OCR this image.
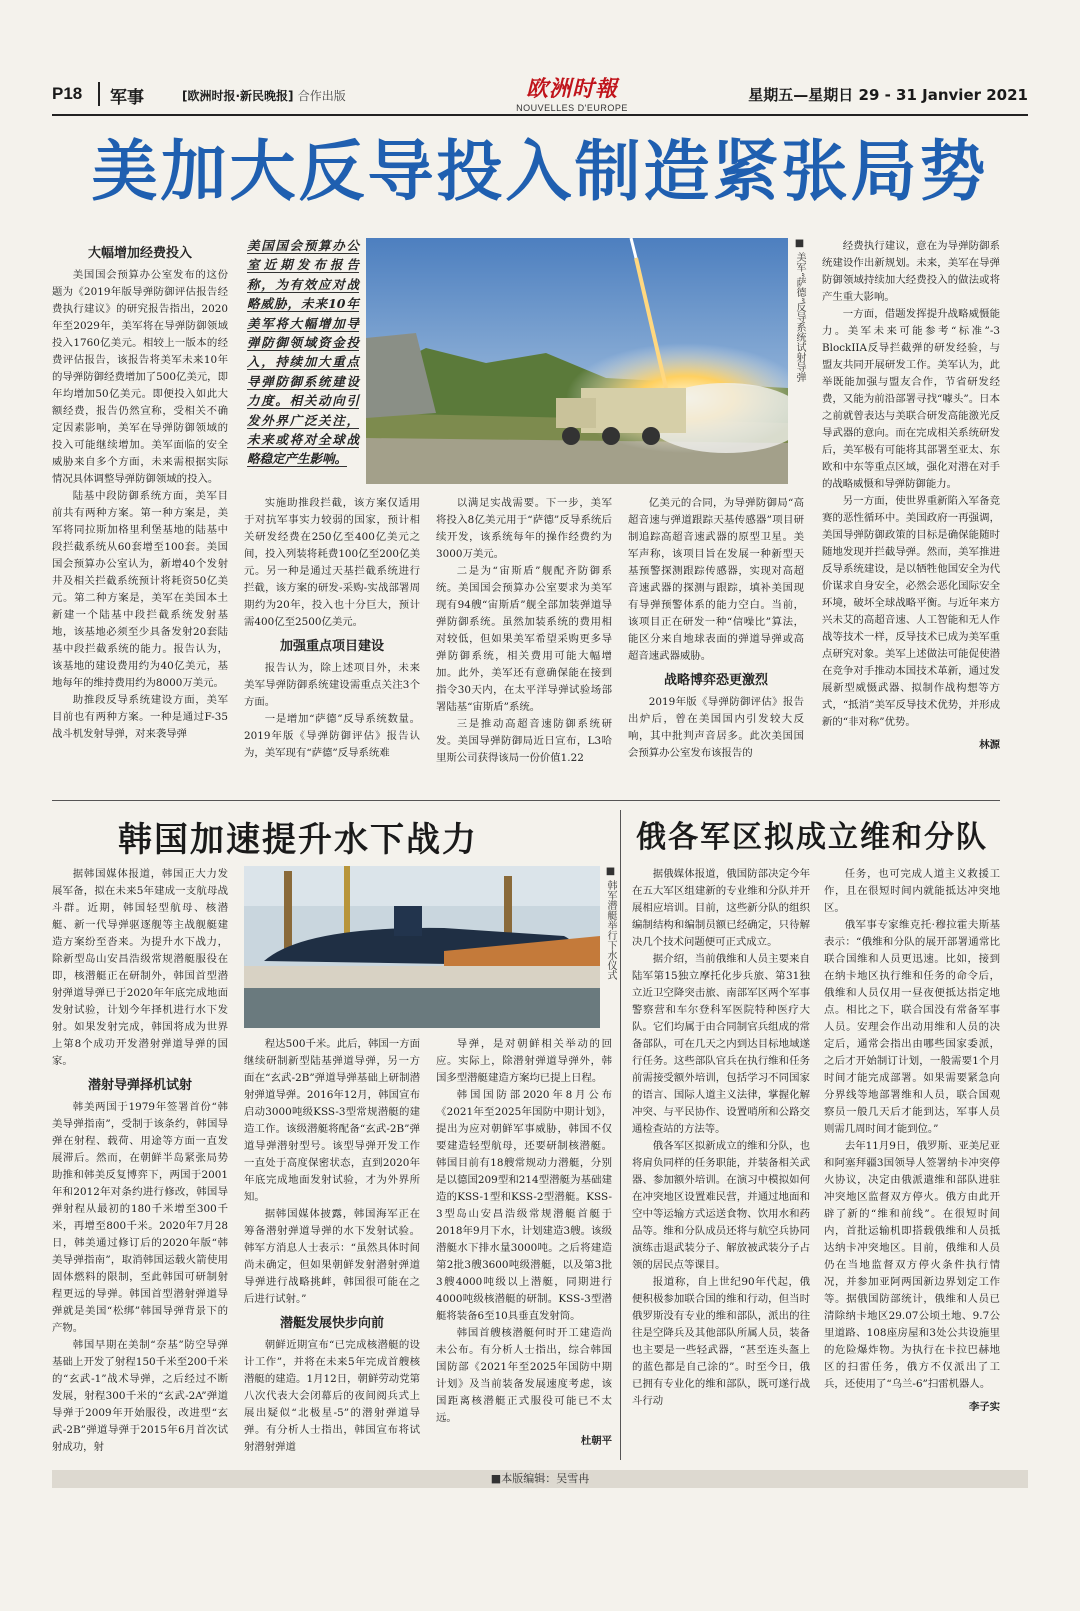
P18 军事	[欧洲时报·新民晚报] 合作出版	欧洲时報
NOUVELLES D'EUROPE
星期五—星期日 29 - 31 Janvier 2021
美加大反导投入制造紧张局势
大幅增加经费投入

美国国会预算办公室发布的这份题为《2019年版导弹防御评估报告经费执行建议》的研究报告指出，2020年至2029年，美军将在导弹防御领域投入1760亿美元。相较上一版本的经费评估报告，该报告将美军未来10年的导弹防御经费增加了500亿美元，即年均增加50亿美元。即便投入如此大额经费，报告仍然宣称，受相关不确定因素影响，美军在导弹防御领域的投入可能继续增加。美军面临的安全威胁来自多个方面，未来需根据实际情况具体调整导弹防御领域的投入。

陆基中段防御系统方面，美军目前共有两种方案。第一种方案是，美军将同拉斯加格里利堡基地的陆基中段拦截系统从60套增至100套。美国国会预算办公室认为，新增40个发射井及相关拦截系统预计将耗资50亿美元。第二种方案是，美军在美国本土新建一个陆基中段拦截系统发射基地，该基地必须至少具备发射20套陆基中段拦截系统的能力。报告认为，该基地的建设费用约为40亿美元，基地每年的维持费用约为8000万美元。

助推段反导系统建设方面，美军目前也有两种方案。一种是通过F-35战斗机发射导弹，对来袭导弹

美国国会预算办公室近期发布报告称，为有效应对战略威胁，未来10年美军将大幅增加导弹防御领域资金投入，持续加大重点导弹防御系统建设力度。相关动向引发外界广泛关注，未来或将对全球战略稳定产生影响。
■ 美军“萨德”反导系统试射导弹

实施助推段拦截，该方案仅适用于对抗军事实力较弱的国家，预计相关研发经费在250亿至400亿美元之间，投入列装将耗费100亿至200亿美元。另一种是通过天基拦截系统进行拦截，该方案的研发-采购-实战部署周期约为20年，投入也十分巨大，预计需400亿至2500亿美元。

加强重点项目建设

报告认为，除上述项目外，未来美军导弹防御系统建设需重点关注3个方面。

一是增加“萨德”反导系统数量。2019年版《导弹防御评估》报告认为，美军现有“萨德”反导系统难

以满足实战需要。下一步，美军将投入8亿美元用于“萨德”反导系统后续开发，该系统每年的操作经费约为3000万美元。

二是为“宙斯盾”舰配齐防御系统。美国国会预算办公室要求为美军现有94艘“宙斯盾”舰全部加装弹道导弹防御系统。虽然加装系统的费用相对较低，但如果美军希望采购更多导弹防御系统，相关费用可能大幅增加。此外，美军还有意确保能在接到指令30天内，在太平洋导弹试验场部署陆基“宙斯盾”系统。

三是推动高超音速防御系统研发。美国导弹防御局近日宣布，L3哈里斯公司获得该局一份价值1.22

亿美元的合同，为导弹防御局“高超音速与弹道跟踪天基传感器”项目研制追踪高超音速武器的原型卫星。美军声称，该项目旨在发展一种新型天基预警探测跟踪传感器，实现对高超音速武器的探测与跟踪，填补美国现有导弹预警体系的能力空白。当前，该项目正在研发一种“信噪比”算法，能区分来自地球表面的弹道导弹或高超音速武器威胁。

战略博弈恐更激烈

2019年版《导弹防御评估》报告出炉后，曾在美国国内引发较大反响，其中批判声音居多。此次美国国会预算办公室发布该报告的

经费执行建议，意在为导弹防御系统建设作出新规划。未来，美军在导弹防御领域持续加大经费投入的做法或将产生重大影响。

一方面，借题发挥提升战略威慑能力。美军未来可能参考“标准”-3 BlockIIA反导拦截弹的研发经验，与盟友共同开展研发工作。美军认为，此举既能加强与盟友合作，节省研发经费，又能为前沿部署寻找“噱头”。日本之前就曾表达与美联合研发高能激光反导武器的意向。而在完成相关系统研发后，美军极有可能将其部署至亚太、东欧和中东等重点区域，强化对潜在对手的战略威慑和导弹防御能力。

另一方面，使世界重新陷入军备竞赛的恶性循环中。美国政府一再强调，美国导弹防御政策的目标是确保能随时随地发现并拦截导弹。然而，美军推进反导系统建设，是以牺牲他国安全为代价谋求自身安全，必然会恶化国际安全环境，破坏全球战略平衡。与近年来方兴未艾的高超音速、人工智能和无人作战等技术一样，反导技术已成为美军重点研究对象。美军上述做法可能促使潜在竞争对手推动本国技术革新，通过发展新型威慑武器、拟制作战构想等方式，“抵消”美军反导技术优势，并形成新的“非对称”优势。

林源
韩国加速提升水下战力

据韩国媒体报道，韩国正大力发展军备，拟在未来5年建成一支航母战斗群。近期，韩国轻型航母、核潜艇、新一代导弹驱逐舰等主战舰艇建造方案纷至沓来。为提升水下战力，除新型岛山安昌浩级常规潜艇服役在即，核潜艇正在研制外，韩国首型潜射弹道导弹已于2020年年底完成地面发射试验，计划今年择机进行水下发射。如果发射完成，韩国将成为世界上第8个成功开发潜射弹道导弹的国家。

潜射导弹择机试射

韩美两国于1979年签署首份“韩美导弹指南”，受制于该条约，韩国导弹在射程、载荷、用途等方面一直发展滞后。然而，在朝鲜半岛紧张局势助推和韩美反复博弈下，两国于2001年和2012年对条约进行修改，韩国导弹射程从最初的180千米增至300千米，再增至800千米。2020年7月28日，韩美通过修订后的2020年版“韩美导弹指南”，取消韩国运载火箭使用固体燃料的限制，至此韩国可研制射程更远的导弹。韩国首型潜射弹道导弹就是美国“松绑”韩国导弹背景下的产物。

韩国早期在美制“奈基”防空导弹基础上开发了射程150千米至200千米的“玄武-1”战术导弹，之后经过不断发展，射程300千米的“玄武-2A”弹道导弹于2009年开始服役，改进型“玄武-2B”弹道导弹于2015年6月首次试射成功，射

■ 韩军潜艇举行下水仪式

程达500千米。此后，韩国一方面继续研制新型陆基弹道导弹，另一方面在“玄武-2B”弹道导弹基础上研制潜射弹道导弹。2016年12月，韩国宣布启动3000吨级KSS-3型常规潜艇的建造工作。该级潜艇将配备“玄武-2B”弹道导弹潜射型号。该型导弹开发工作一直处于高度保密状态，直到2020年年底完成地面发射试验，才为外界所知。

据韩国媒体披露，韩国海军正在筹备潜射弹道导弹的水下发射试验。韩军方消息人士表示：“虽然具体时间尚未确定，但如果朝鲜发射潜射弹道导弹进行战略挑衅，韩国很可能在之后进行试射。”

潜艇发展快步向前

朝鲜近期宣布“已完成核潜艇的设计工作”，并将在未来5年完成首艘核潜艇的建造。1月12日，朝鲜劳动党第八次代表大会闭幕后的夜间阅兵式上展出疑似“北极星-5”的潜射弹道导弹。有分析人士指出，韩国宣布将试射潜射弹道

导弹，是对朝鲜相关举动的回应。实际上，除潜射弹道导弹外，韩国多型潜艇建造方案均已提上日程。

韩国国防部2020年8月公布《2021年至2025年国防中期计划》，提出为应对朝鲜军事威胁，韩国不仅要建造轻型航母，还要研制核潜艇。韩国目前有18艘常规动力潜艇，分别是以德国209型和214型潜艇为基础建造的KSS-1型和KSS-2型潜艇。KSS-3型岛山安昌浩级常规潜艇首艇于2018年9月下水，计划建造3艘。该级潜艇水下排水量3000吨。之后将建造第2批3艘3600吨级潜艇，以及第3批3艘4000吨级以上潜艇，同期进行4000吨级核潜艇的研制。KSS-3型潜艇将装备6至10具垂直发射筒。

韩国首艘核潜艇何时开工建造尚未公布。有分析人士指出，综合韩国国防部《2021年至2025年国防中期计划》及当前装备发展速度考虑，该国距离核潜艇正式服役可能已不太远。

杜朝平
俄各军区拟成立维和分队

据俄媒体报道，俄国防部决定今年在五大军区组建新的专业维和分队并开展相应培训。目前，这些新分队的组织编制结构和编制员额已经确定，只待解决几个技术问题便可正式成立。

据介绍，当前俄维和人员主要来自陆军第15独立摩托化步兵旅、第31独立近卫空降突击旅、南部军区两个军事警察营和车尔登科军医院特种医疗大队。它们均属于由合同制官兵组成的常备部队，可在几天之内到达目标地域遂行任务。这些部队官兵在执行维和任务前需接受额外培训，包括学习不同国家的语言、国际人道主义法律，掌握化解冲突、与平民协作、设置哨所和公路交通检查站的方法等。

俄各军区拟新成立的维和分队，也将肩负同样的任务职能，并装备相关武器、参加额外培训。在演习中模拟如何在冲突地区设置难民营，并通过地面和空中等运输方式运送食物、饮用水和药品等。维和分队成员还将与航空兵协同演练击退武装分子、解放被武装分子占领的居民点等课目。

报道称，自上世纪90年代起，俄便积极参加联合国的维和行动，但当时俄罗斯没有专业的维和部队，派出的往往是空降兵及其他部队所属人员，装备也主要是一些轻武器，“甚至连头盔上的蓝色都是自己涂的”。时至今日，俄已拥有专业化的维和部队，既可遂行战斗行动

任务，也可完成人道主义救援工作，且在很短时间内就能抵达冲突地区。

俄军事专家维克托·穆拉霍夫斯基表示：“俄维和分队的展开部署通常比联合国维和人员更迅速。比如，接到在纳卡地区执行维和任务的命令后，俄维和人员仅用一昼夜便抵达指定地点。相比之下，联合国没有常备军事人员。安理会作出动用维和人员的决定后，通常会指出由哪些国家委派，之后才开始制订计划，一般需要1个月时间才能完成部署。如果需要紧急向分界线等地部署维和人员，联合国观察员一般几天后才能到达，军事人员则需几周时间才能到位。”

去年11月9日，俄罗斯、亚美尼亚和阿塞拜疆3国领导人签署纳卡冲突停火协议，决定由俄派遣维和部队进驻冲突地区监督双方停火。俄方由此开辟了新的“维和前线”。在很短时间内，首批运输机即搭载俄维和人员抵达纳卡冲突地区。目前，俄维和人员仍在当地监督双方停火条件执行情况，并参加亚阿两国新边界划定工作等。据俄国防部统计，俄维和人员已清除纳卡地区29.07公顷土地、9.7公里道路、108座房屋和3处公共设施里的危险爆炸物。为执行在卡拉巴赫地区的扫雷任务，俄方不仅派出了工兵，还使用了“乌兰-6”扫雷机器人。

李子实
■本版编辑：吴雪冉
